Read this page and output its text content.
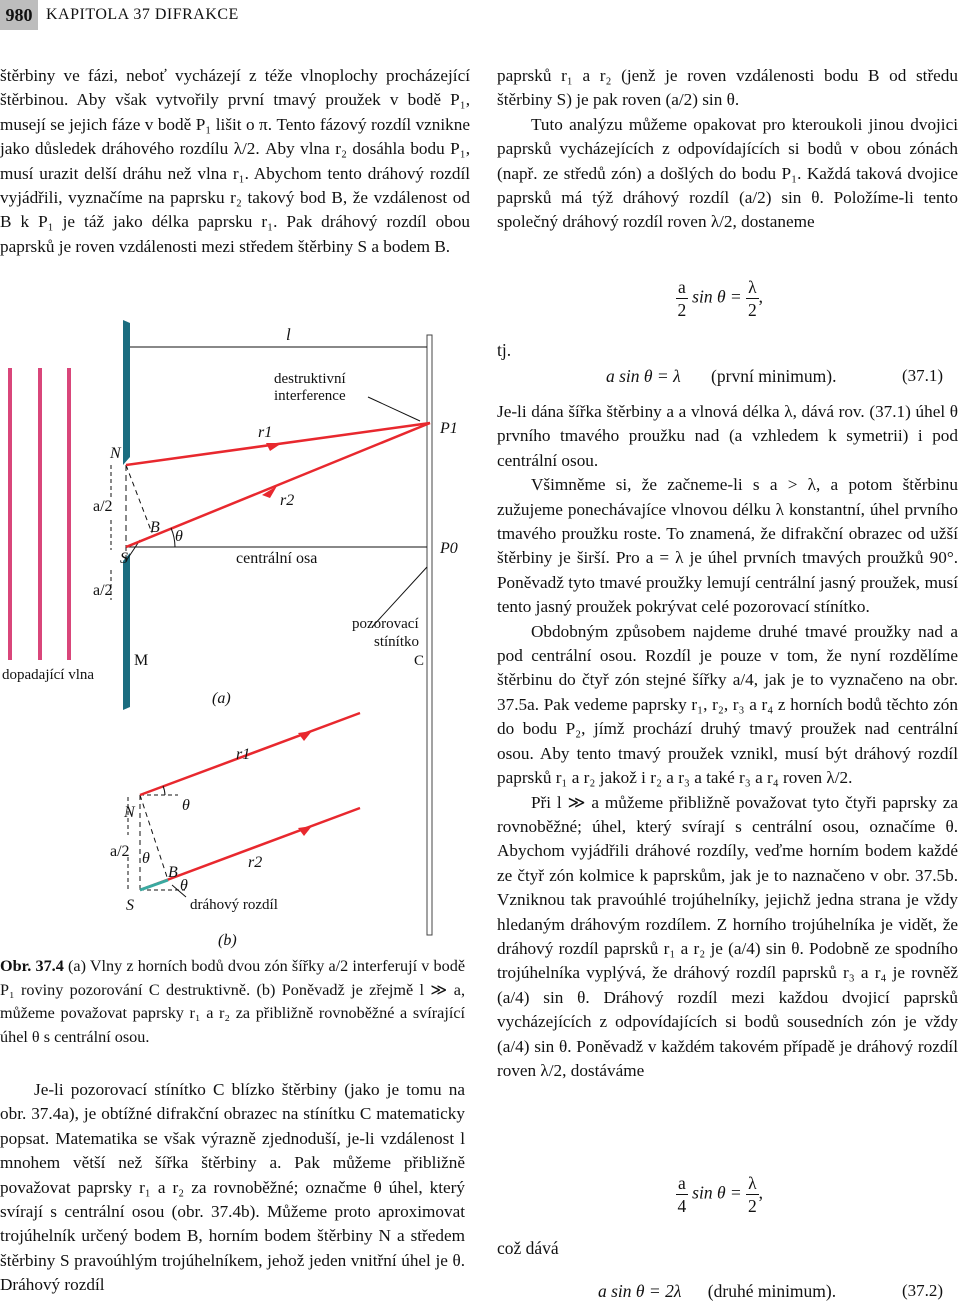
980 KAPITOLA 37 DIFRAKCE

štěrbiny ve fázi, neboť vycházejí z téže vlnoplochy procházející štěrbinou. Aby však vytvořily první tmavý proužek v bodě P₁, musejí se jejich fáze v bodě P₁ lišit o π. Tento fázový rozdíl vznikne jako důsledek dráhového rozdílu λ/2. Aby vlna r₂ dosáhla bodu P₁, musí urazit delší dráhu než vlna r₁. Abychom tento dráhový rozdíl vyjádřili, vyznačíme na paprsku r₂ takový bod B, že vzdálenost od B k P₁ je táž jako délka paprsku r₁. Pak dráhový rozdíl obou paprsků je roven vzdálenosti mezi středem štěrbiny S a bodem B.

l
destruktivní
interference
r1
r2
P1
P0
N
a/2
B
θ
S	centrální osa
a/2
pozorovací
stínítko
C
M
dopadající vlna
(a)
r1
r2
N	θ
a/2 θ
B
θ
S	dráhový rozdíl
(b)
Obr. 37.4 (a) Vlny z horních bodů dvou zón šířky a/2 interferují v bodě P₁ roviny pozorování C destruktivně. (b) Poněvadž je zřejmě l ≫ a, můžeme považovat paprsky r₁ a r₂ za přibližně rovnoběžné a svírající úhel θ s centrální osou.

Je-li pozorovací stínítko C blízko štěrbiny (jako je tomu na obr. 37.4a), je obtížné difrakční obrazec na stínítku C matematicky popsat. Matematika se však výrazně zjednoduší, je-li vzdálenost l mnohem větší než šířka štěrbiny a. Pak můžeme přibližně považovat paprsky r₁ a r₂ za rovnoběžné; označme θ úhel, který svírají s centrální osou (obr. 37.4b). Můžeme proto aproximovat trojúhelník určený bodem B, horním bodem štěrbiny N a středem štěrbiny S pravoúhlým trojúhelníkem, jehož jeden vnitřní úhel je θ. Dráhový rozdíl

paprsků r₁ a r₂ (jenž je roven vzdálenosti bodu B od středu štěrbiny S) je pak roven (a/2) sin θ.

Tuto analýzu můžeme opakovat pro kteroukoli jinou dvojici paprsků vycházejících z odpovídajících si bodů v obou zónách (např. ze středů zón) a došlých do bodu P₁. Každá taková dvojice paprsků má týž dráhový rozdíl (a/2) sin θ. Položíme-li tento společný dráhový rozdíl roven λ/2, dostaneme

$\frac{a}{2}$ $\sin \theta = \frac{\lambda}{2}$ ,
tj.
a sin θ = λ (první minimum).	(37.1)

Je-li dána šířka štěrbiny a a vlnová délka λ, dává rov. (37.1) úhel θ prvního tmavého proužku nad (a vzhledem k symetrii) i pod centrální osou.

Všimněme si, že začneme-li s a > λ, a potom štěrbinu zužujeme ponechávajíce vlnovou délku λ konstantní, úhel prvního tmavého proužku roste. To znamená, že difrakční obrazec od užší štěrbiny je širší. Pro a = λ je úhel prvních tmavých proužků 90°. Poněvadž tyto tmavé proužky lemují centrální jasný proužek, musí tento jasný proužek pokrývat celé pozorovací stínítko.

Obdobným způsobem najdeme druhé tmavé proužky nad a pod centrální osou. Rozdíl je pouze v tom, že nyní rozdělíme štěrbinu do čtyř zón stejné šířky a/4, jak je to vyznačeno na obr. 37.5a. Pak vedeme paprsky r₁, r₂, r₃ a r₄ z horních bodů těchto zón do bodu P₂, jímž prochází druhý tmavý proužek nad centrální osou. Aby tento tmavý proužek vznikl, musí být dráhový rozdíl paprsků r₁ a r₂ jakož i r₂ a r₃ a také r₃ a r₄ roven λ/2.

Při l ≫ a můžeme přibližně považovat tyto čtyři paprsky za rovnoběžné; úhel, který svírají s centrální osou, označíme θ. Abychom vyjádřili dráhové rozdíly, veďme horním bodem každé ze čtyř zón kolmice k paprskům, jak je to naznačeno v obr. 37.5b. Vzniknou tak pravoúhlé trojúhelníky, jejichž jedna strana je vždy hledaným dráhovým rozdílem. Z horního trojúhelníka je vidět, že dráhový rozdíl paprsků r₁ a r₂ je (a/4) sin θ. Podobně ze spodního trojúhelníka vyplývá, že dráhový rozdíl paprsků r₃ a r₄ je rovněž (a/4) sin θ. Dráhový rozdíl mezi každou dvojicí paprsků vycházejících z odpovídajících si bodů sousedních zón je vždy (a/4) sin θ. Poněvadž v každém takovém případě je dráhový rozdíl roven λ/2, dostáváme

$\frac{a}{4}$ $\sin \theta = \frac{\lambda}{2}$ ,
což dává
a sin θ = 2λ (druhé minimum).	(37.2)
